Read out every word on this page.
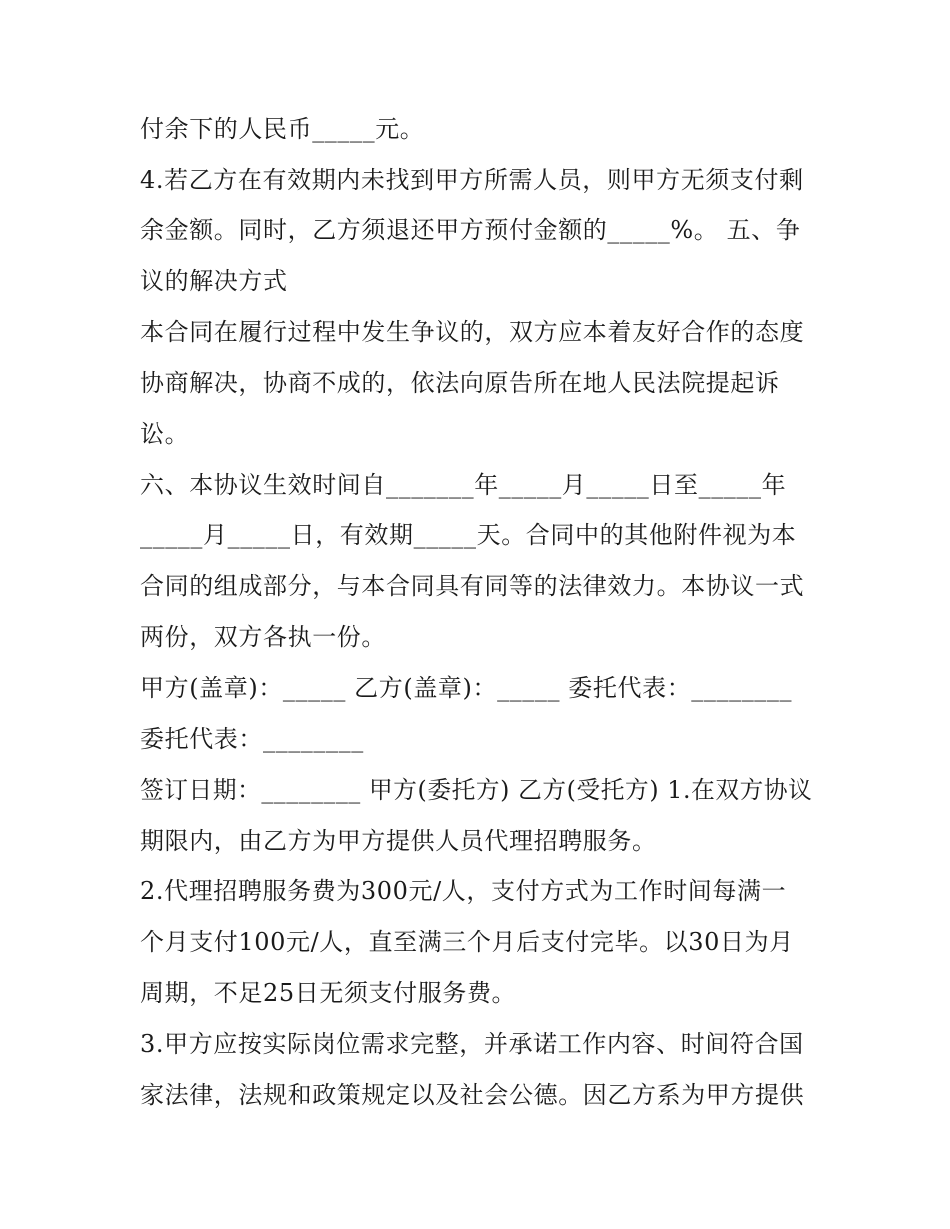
付余下的人民币_____元。
4.若乙方在有效期内未找到甲方所需人员，则甲方无须支付剩
余金额。同时，乙方须退还甲方预付金额的_____%。 五、争
议的解决方式
本合同在履行过程中发生争议的，双方应本着友好合作的态度
协商解决，协商不成的，依法向原告所在地人民法院提起诉
讼。
六、本协议生效时间自_______年_____月_____日至_____年
_____月_____日，有效期_____天。合同中的其他附件视为本
合同的组成部分，与本合同具有同等的法律效力。本协议一式
两份，双方各执一份。
甲方(盖章)：_____ 乙方(盖章)：_____ 委托代表：________
委托代表：________
签订日期：________ 甲方(委托方) 乙方(受托方) 1.在双方协议
期限内，由乙方为甲方提供人员代理招聘服务。
2.代理招聘服务费为300元/人，支付方式为工作时间每满一
个月支付100元/人，直至满三个月后支付完毕。以30日为月
周期，不足25日无须支付服务费。
3.甲方应按实际岗位需求完整，并承诺工作内容、时间符合国
家法律，法规和政策规定以及社会公德。因乙方系为甲方提供
